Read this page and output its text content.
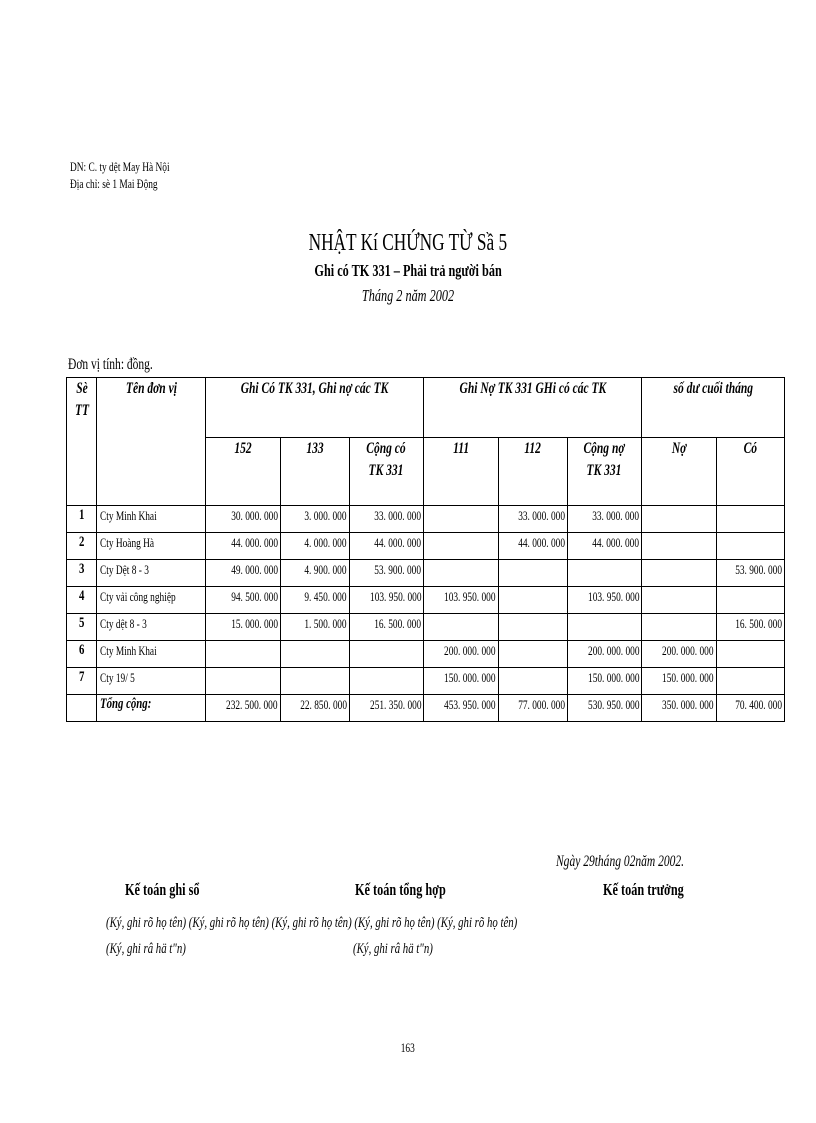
DN: C. ty dệt May Hà Nội
Địa chỉ: sè 1 Mai Động
NHẬT Kí CHỨNG TỪ Sầ 5
Ghi có TK 331 – Phải trả người bán
Tháng 2 năm 2002
Đơn vị tính: đồng.
Sè TT	Tên đơn vị	Ghi Có TK 331, Ghi nợ các TK			Ghi Nợ TK 331 GHi có các TK			số dư cuối tháng	
		152	133	Cộng có TK 331	111	112	Cộng nợ TK 331	Nợ	Có
1	Cty Minh Khai	30. 000. 000	3. 000. 000	33. 000. 000		33. 000. 000	33. 000. 000		
2	Cty Hoàng Hà	44. 000. 000	4. 000. 000	44. 000. 000		44. 000. 000	44. 000. 000		
3	Cty Dệt 8 - 3	49. 000. 000	4. 900. 000	53. 900. 000					53. 900. 000
4	Cty vải công nghiệp	94. 500. 000	9. 450. 000	103. 950. 000	103. 950. 000		103. 950. 000		
5	Cty dệt 8 - 3	15. 000. 000	1. 500. 000	16. 500. 000					16. 500. 000
6	Cty Minh Khai				200. 000. 000		200. 000. 000	200. 000. 000	
7	Cty 19/ 5				150. 000. 000		150. 000. 000	150. 000. 000	
	Tổng cộng:	232. 500. 000	22. 850. 000	251. 350. 000	453. 950. 000	77. 000. 000	530. 950. 000	350. 000. 000	70. 400. 000
Ngày 29tháng 02năm 2002.
Kế toán ghi sổ	Kế toán tổng hợp	Kế toán trưởng
(Ký, ghi rõ họ tên) (Ký, ghi rõ họ tên) (Ký, ghi rõ họ tên) (Ký, ghi rõ họ tên) (Ký, ghi rõ họ tên)
(Ký, ghi râ hä t"n)	(Ký, ghi râ hä t"n)
163
